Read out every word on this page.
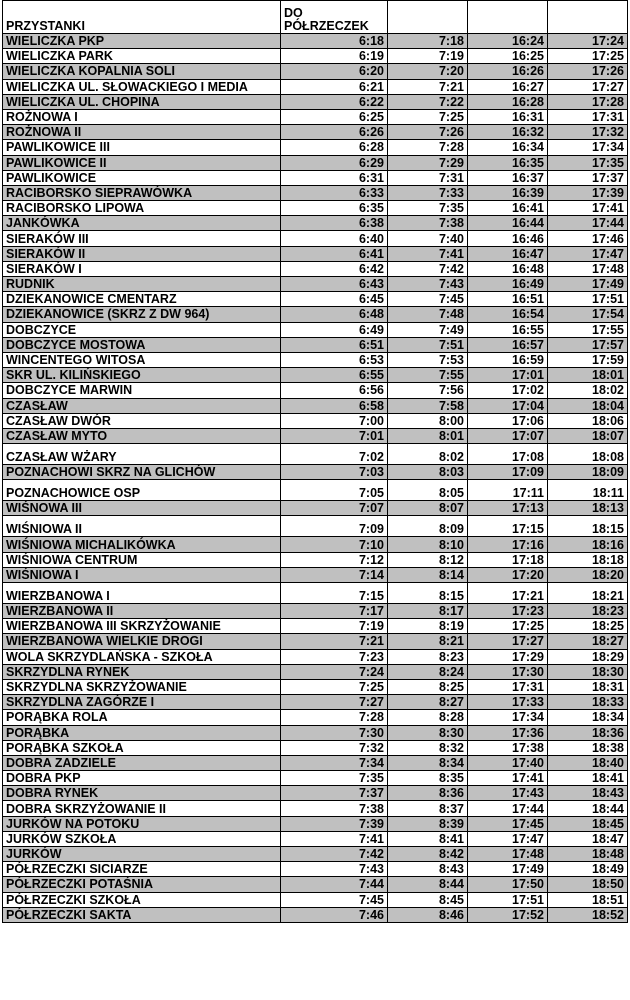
PRZYSTANKI	DO PÓŁRZECZEK			
WIELICZKA PKP	6:18	7:18	16:24	17:24
WIELICZKA PARK	6:19	7:19	16:25	17:25
WIELICZKA KOPALNIA SOLI	6:20	7:20	16:26	17:26
WIELICZKA UL. SŁOWACKIEGO I MEDIA	6:21	7:21	16:27	17:27
WIELICZKA UL. CHOPINA	6:22	7:22	16:28	17:28
ROŻNOWA I	6:25	7:25	16:31	17:31
ROŻNOWA II	6:26	7:26	16:32	17:32
PAWLIKOWICE III	6:28	7:28	16:34	17:34
PAWLIKOWICE II	6:29	7:29	16:35	17:35
PAWLIKOWICE	6:31	7:31	16:37	17:37
RACIBORSKO SIEPRAWÓWKA	6:33	7:33	16:39	17:39
RACIBORSKO LIPOWA	6:35	7:35	16:41	17:41
JANKÓWKA	6:38	7:38	16:44	17:44
SIERAKÓW III	6:40	7:40	16:46	17:46
SIERAKÓW II	6:41	7:41	16:47	17:47
SIERAKÓW I	6:42	7:42	16:48	17:48
RUDNIK	6:43	7:43	16:49	17:49
DZIEKANOWICE CMENTARZ	6:45	7:45	16:51	17:51
DZIEKANOWICE (SKRZ Z DW 964)	6:48	7:48	16:54	17:54
DOBCZYCE	6:49	7:49	16:55	17:55
DOBCZYCE MOSTOWA	6:51	7:51	16:57	17:57
WINCENTEGO WITOSA	6:53	7:53	16:59	17:59
SKR UL. KILIŃSKIEGO	6:55	7:55	17:01	18:01
DOBCZYCE MARWIN	6:56	7:56	17:02	18:02
CZASŁAW	6:58	7:58	17:04	18:04
CZASŁAW DWÓR	7:00	8:00	17:06	18:06
CZASŁAW MYTO	7:01	8:01	17:07	18:07
CZASŁAW WŻARY	7:02	8:02	17:08	18:08
POZNACHOWI SKRZ NA GLICHÓW	7:03	8:03	17:09	18:09
POZNACHOWICE OSP	7:05	8:05	17:11	18:11
WIŚNOWA III	7:07	8:07	17:13	18:13
WIŚNIOWA II	7:09	8:09	17:15	18:15
WIŚNIOWA MICHALIKÓWKA	7:10	8:10	17:16	18:16
WIŚNIOWA CENTRUM	7:12	8:12	17:18	18:18
WIŚNIOWA I	7:14	8:14	17:20	18:20
WIERZBANOWA I	7:15	8:15	17:21	18:21
WIERZBANOWA II	7:17	8:17	17:23	18:23
WIERZBANOWA III SKRZYŻOWANIE	7:19	8:19	17:25	18:25
WIERZBANOWA WIELKIE DROGI	7:21	8:21	17:27	18:27
WOLA SKRZYDLAŃSKA - SZKOŁA	7:23	8:23	17:29	18:29
SKRZYDLNA RYNEK	7:24	8:24	17:30	18:30
SKRZYDLNA SKRZYŻOWANIE	7:25	8:25	17:31	18:31
SKRZYDLNA ZAGÓRZE I	7:27	8:27	17:33	18:33
PORĄBKA ROLA	7:28	8:28	17:34	18:34
PORĄBKA	7:30	8:30	17:36	18:36
PORĄBKA SZKOŁA	7:32	8:32	17:38	18:38
DOBRA ZADZIELE	7:34	8:34	17:40	18:40
DOBRA PKP	7:35	8:35	17:41	18:41
DOBRA RYNEK	7:37	8:36	17:43	18:43
DOBRA SKRZYŻOWANIE II	7:38	8:37	17:44	18:44
JURKÓW NA POTOKU	7:39	8:39	17:45	18:45
JURKÓW SZKOŁA	7:41	8:41	17:47	18:47
JURKÓW	7:42	8:42	17:48	18:48
PÓŁRZECZKI SICIARZE	7:43	8:43	17:49	18:49
PÓŁRZECZKI POTAŚNIA	7:44	8:44	17:50	18:50
PÓŁRZECZKI SZKOŁA	7:45	8:45	17:51	18:51
PÓŁRZECZKI SAKTA	7:46	8:46	17:52	18:52
